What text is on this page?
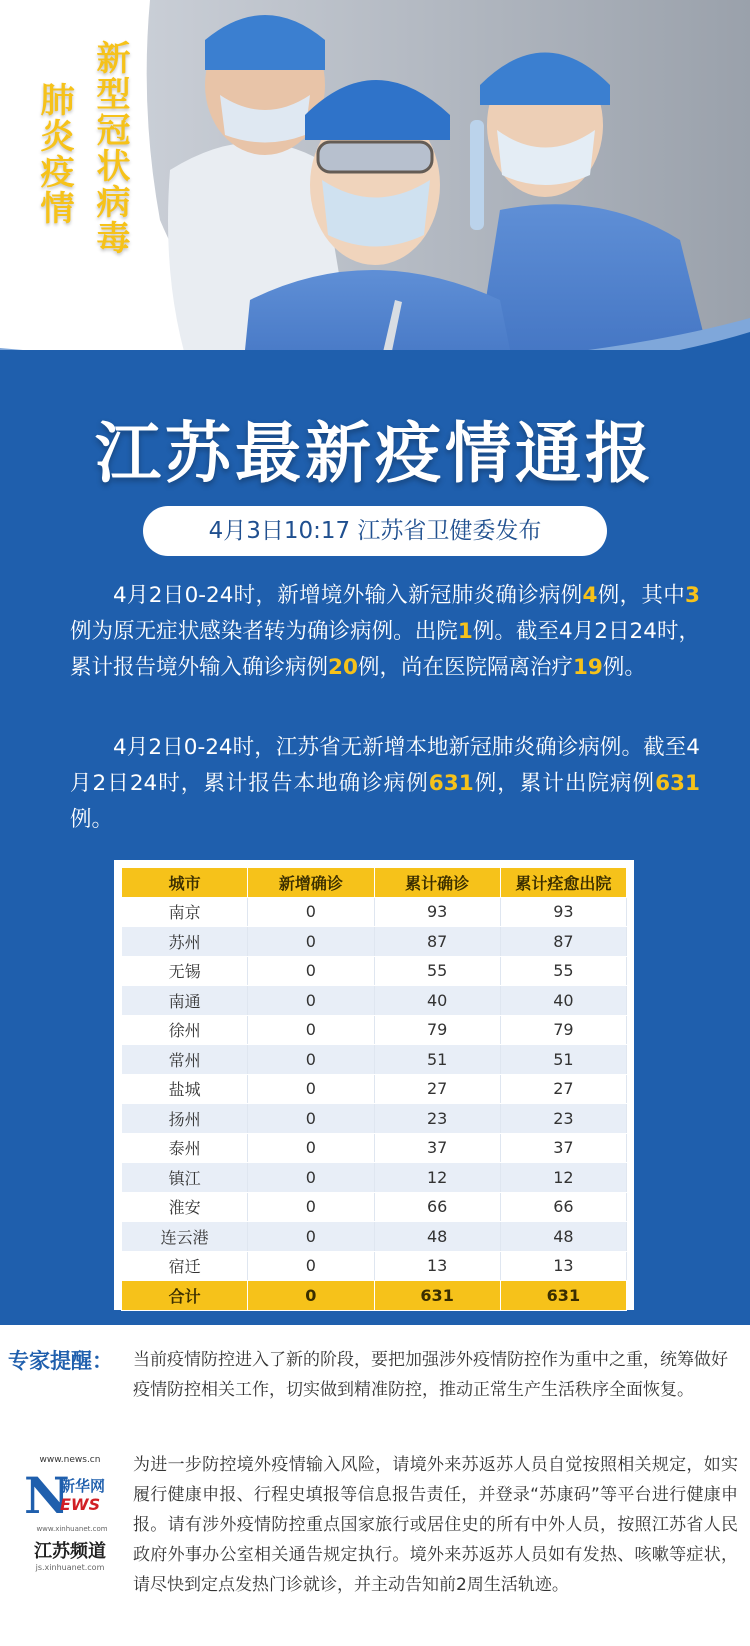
新型冠状病毒
肺炎疫情
江苏最新疫情通报
4月3日10:17 江苏省卫健委发布

4月2日0-24时，新增境外输入新冠肺炎确诊病例4例，其中3例为原无症状感染者转为确诊病例。出院1例。截至4月2日24时，累计报告境外输入确诊病例20例，尚在医院隔离治疗19例。

4月2日0-24时，江苏省无新增本地新冠肺炎确诊病例。截至4月2日24时，累计报告本地确诊病例631例，累计出院病例631例。

城市	新增确诊	累计确诊	累计痊愈出院
南京	0	93	93
苏州	0	87	87
无锡	0	55	55
南通	0	40	40
徐州	0	79	79
常州	0	51	51
盐城	0	27	27
扬州	0	23	23
泰州	0	37	37
镇江	0	12	12
淮安	0	66	66
连云港	0	48	48
宿迁	0	13	13
合计	0	631	631
专家提醒： 当前疫情防控进入了新的阶段，要把加强涉外疫情防控作为重中之重，统筹做好疫情防控相关工作，切实做到精准防控，推动正常生产生活秩序全面恢复。
www.news.cn
N
新华网
EWS
www.xinhuanet.com
江苏频道
js.xinhuanet.com
为进一步防控境外疫情输入风险，请境外来苏返苏人员自觉按照相关规定，如实履行健康申报、行程史填报等信息报告责任，并登录“苏康码”等平台进行健康申报。请有涉外疫情防控重点国家旅行或居住史的所有中外人员，按照江苏省人民政府外事办公室相关通告规定执行。境外来苏返苏人员如有发热、咳嗽等症状，请尽快到定点发热门诊就诊，并主动告知前2周生活轨迹。
